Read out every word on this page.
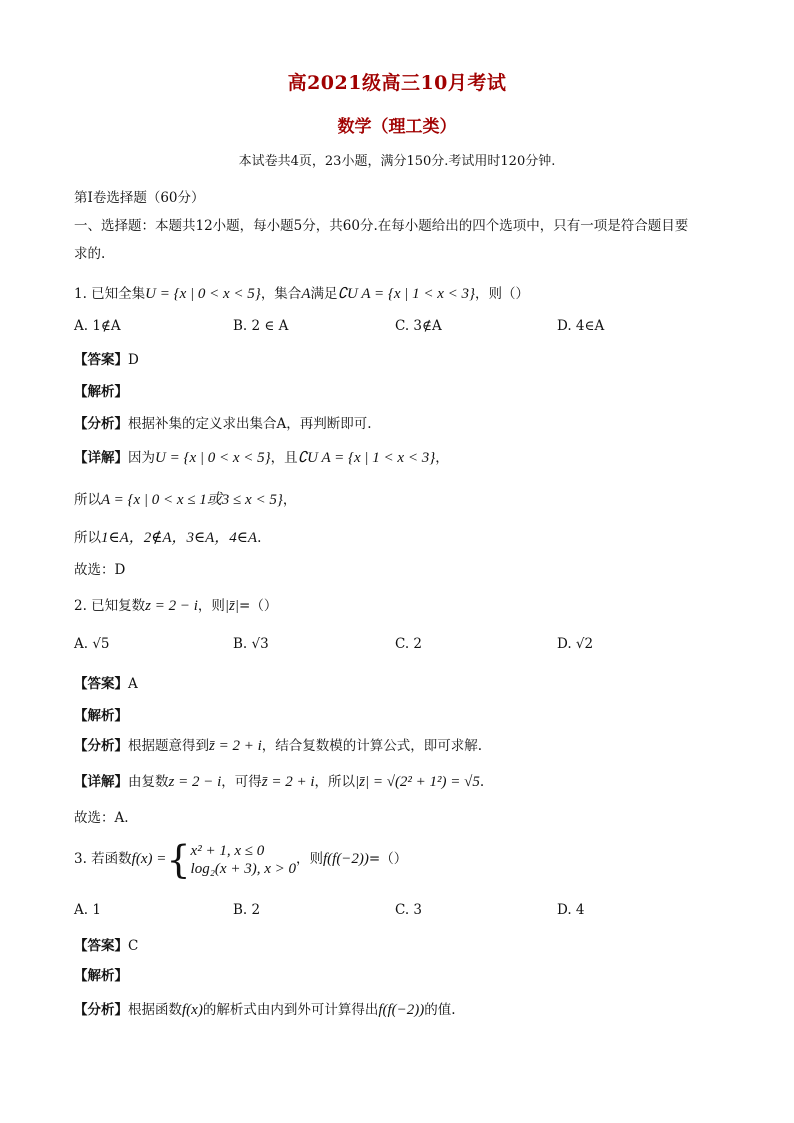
高2021级高三10月考试
数学（理工类）
本试卷共4页，23小题，满分150分.考试用时120分钟.
第Ⅰ卷选择题（60分）
一、选择题：本题共12小题，每小题5分，共60分.在每小题给出的四个选项中，只有一项是符合题目要
求的.
1. 已知全集U = {x | 0 < x < 5}，集合A满足∁U A = {x | 1 < x < 3}，则（）
A. 1∉A	B. 2 ∈ A	C. 3∉A	D. 4∈A
【答案】D
【解析】
【分析】根据补集的定义求出集合A，再判断即可.
【详解】因为U = {x | 0 < x < 5}，且∁U A = {x | 1 < x < 3}，
所以A = {x | 0 < x ≤ 1或3 ≤ x < 5}，
所以1∈A，2∉A，3∈A，4∈A.
故选：D
2. 已知复数z = 2 − i，则|z̄|=（）
A. √5	B. √3	C. 2	D. √2
【答案】A
【解析】
【分析】根据题意得到z̄ = 2 + i，结合复数模的计算公式，即可求解.
【详解】由复数z = 2 − i，可得z̄ = 2 + i，所以|z̄| = √(2² + 1²) = √5.
故选：A.
3. 若函数f(x) ={ x² + 1, x ≤ 0
log₂(x + 3), x > 0
，则f(f(−2))=（）
A. 1	B. 2	C. 3	D. 4
【答案】C
【解析】
【分析】根据函数f(x)的解析式由内到外可计算得出f(f(−2))的值.
